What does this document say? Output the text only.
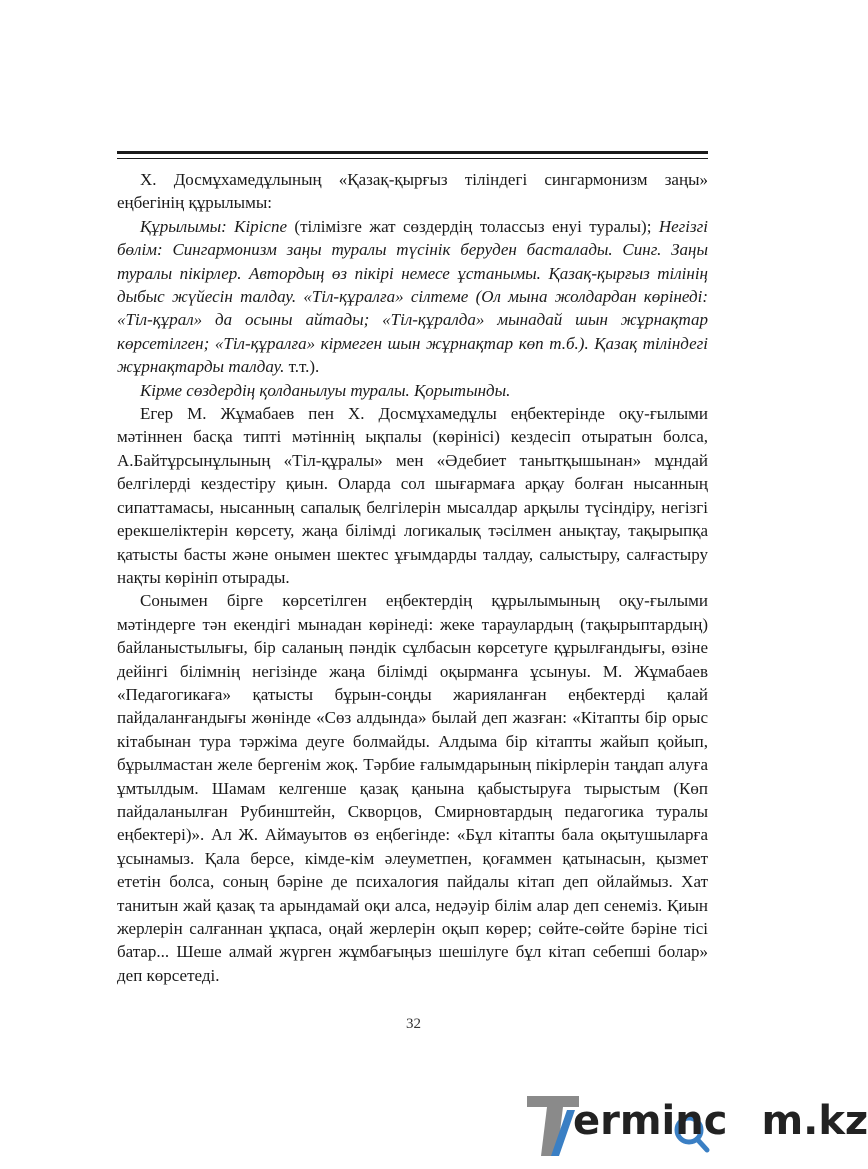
Х. Досмұхамедұлының «Қазақ-қырғыз тіліндегі сингармонизм заңы» еңбегінің құрылымы:

Құрылымы: Кіріспе (тілімізге жат сөздердің толассыз енуі туралы); Негізгі бөлім: Сингармонизм заңы туралы түсінік беруден басталады. Синг. Заңы туралы пікірлер. Автордың өз пікірі немесе ұстанымы. Қазақ-қырғыз тілінің дыбыс жүйесін талдау. «Тіл-құралға» сілтеме (Ол мына жолдардан көрінеді: «Тіл-құрал» да осыны айтады; «Тіл-құралда» мынадай шын жұрнақтар көрсетілген; «Тіл-құралға» кірмеген шын жұрнақтар көп т.б.). Қазақ тіліндегі жұрнақтарды талдау. т.т.).

Кірме сөздердің қолданылуы туралы. Қорытынды.

Егер М. Жұмабаев пен Х. Досмұхамедұлы еңбектерінде оқу-ғылыми мәтіннен басқа типті мәтіннің ықпалы (көрінісі) кездесіп отыратын болса, А.Байтұрсынұлының «Тіл-құралы» мен «Әдебиет танытқышынан» мұндай белгілерді кездестіру қиын. Оларда сол шығармаға арқау болған нысанның сипаттамасы, нысанның сапалық белгілерін мысалдар арқылы түсіндіру, негізгі ерекшеліктерін көрсету, жаңа білімді логикалық тәсілмен анықтау, тақырыпқа қатысты басты және онымен шектес ұғымдарды талдау, салыстыру, салғастыру нақты көрініп отырады.

Сонымен бірге көрсетілген еңбектердің құрылымының оқу-ғылыми мәтіндерге тән екендігі мынадан көрінеді: жеке тараулардың (тақырыптардың) байланыстылығы, бір саланың пәндік сұлбасын көрсетуге құрылғандығы, өзіне дейінгі білімнің негізінде жаңа білімді оқырманға ұсынуы. М. Жұмабаев «Педагогикаға» қатысты бұрын-соңды жарияланған еңбектерді қалай пайдаланғандығы жөнінде «Сөз алдында» былай деп жазған: «Кітапты бір орыс кітабынан тура тәржіма деуге болмайды. Алдыма бір кітапты жайып қойып, бұрылмастан желе бергенім жоқ. Тәрбие ғалымдарының пікірлерін таңдап алуға ұмтылдым. Шамам келгенше қазақ қанына қабыстыруға тырыстым (Көп пайдаланылған Рубинштейн, Скворцов, Смирновтардың педагогика туралы еңбектері)». Ал Ж. Аймауытов өз еңбегінде: «Бұл кітапты бала оқытушыларға ұсынамыз. Қала берсе, кімде-кім әлеуметпен, қоғаммен қатынасын, қызмет ететін болса, соның бәріне де психалогия пайдалы кітап деп ойлаймыз. Хат танитын жай қазақ та арындамай оқи алса, недәуір білім алар деп сенеміз. Қиын жерлерін салғаннан ұқпаса, оңай жерлерін оқып көрер; сөйте-сөйте бәріне тісі батар... Шеше алмай жүрген жұмбағыңыз шешілуге бұл кітап себепші болар» деп көрсетеді.

32
ermin c m.kz
